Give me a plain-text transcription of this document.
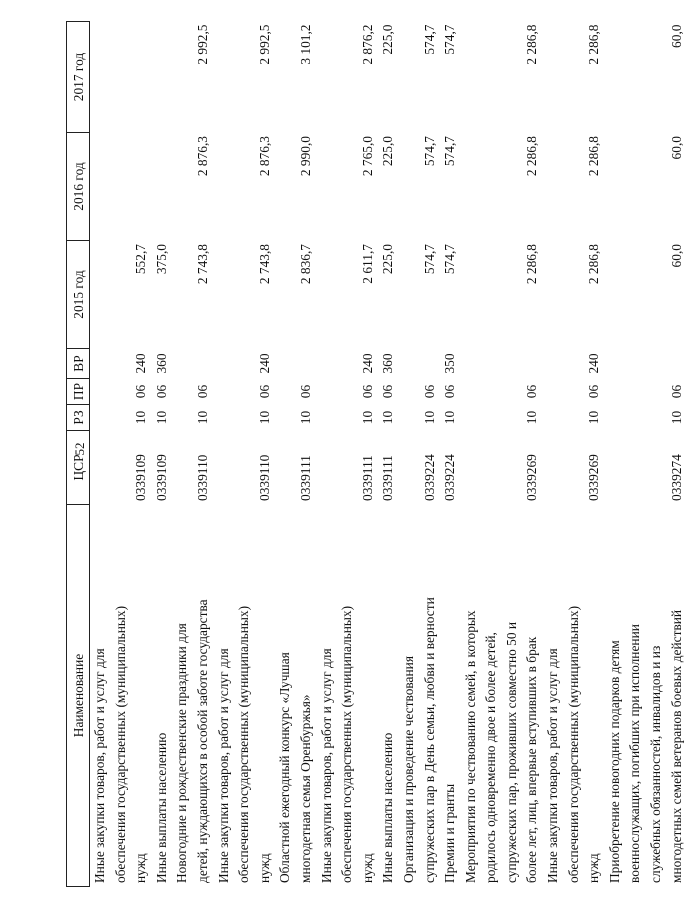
52
Наименование	ЦСР	РЗ	ПР	ВР	2015 год	2016 год	2017 год
Иные закупки товаров, работ и услуг для							
обеспечения государственных (муниципальных)							
нужд	0339109	10	06	240	552,7		
Иные выплаты населению	0339109	10	06	360	375,0		
Новогодние и рождественские праздники для							
детей, нуждающихся в особой заботе государства	0339110	10	06		2 743,8	2 876,3	2 992,5
Иные закупки товаров, работ и услуг для							
обеспечения государственных (муниципальных)							
нужд	0339110	10	06	240	2 743,8	2 876,3	2 992,5
Областной ежегодный конкурс «Лучшая							
многодетная семья Оренбуржья»	0339111	10	06		2 836,7	2 990,0	3 101,2
Иные закупки товаров, работ и услуг для							
обеспечения государственных (муниципальных)							
нужд	0339111	10	06	240	2 611,7	2 765,0	2 876,2
Иные выплаты населению	0339111	10	06	360	225,0	225,0	225,0
Организация и проведение чествования							
супружеских пар в День семьи, любви и верности	0339224	10	06		574,7	574,7	574,7
Премии и гранты	0339224	10	06	350	574,7	574,7	574,7
Мероприятия по чествованию семей, в которых							
родилось одновременно двое и более детей,							
супружеских пар, проживших совместно 50 и							
более лет, лиц, впервые вступивших в брак	0339269	10	06		2 286,8	2 286,8	2 286,8
Иные закупки товаров, работ и услуг для							
обеспечения государственных (муниципальных)							
нужд	0339269	10	06	240	2 286,8	2 286,8	2 286,8
Приобретение новогодних подарков детям							
военнослужащих, погибших при исполнении							
служебных обязанностей, инвалидов и из							
многодетных семей ветеранов боевых действий	0339274	10	06		60,0	60,0	60,0
